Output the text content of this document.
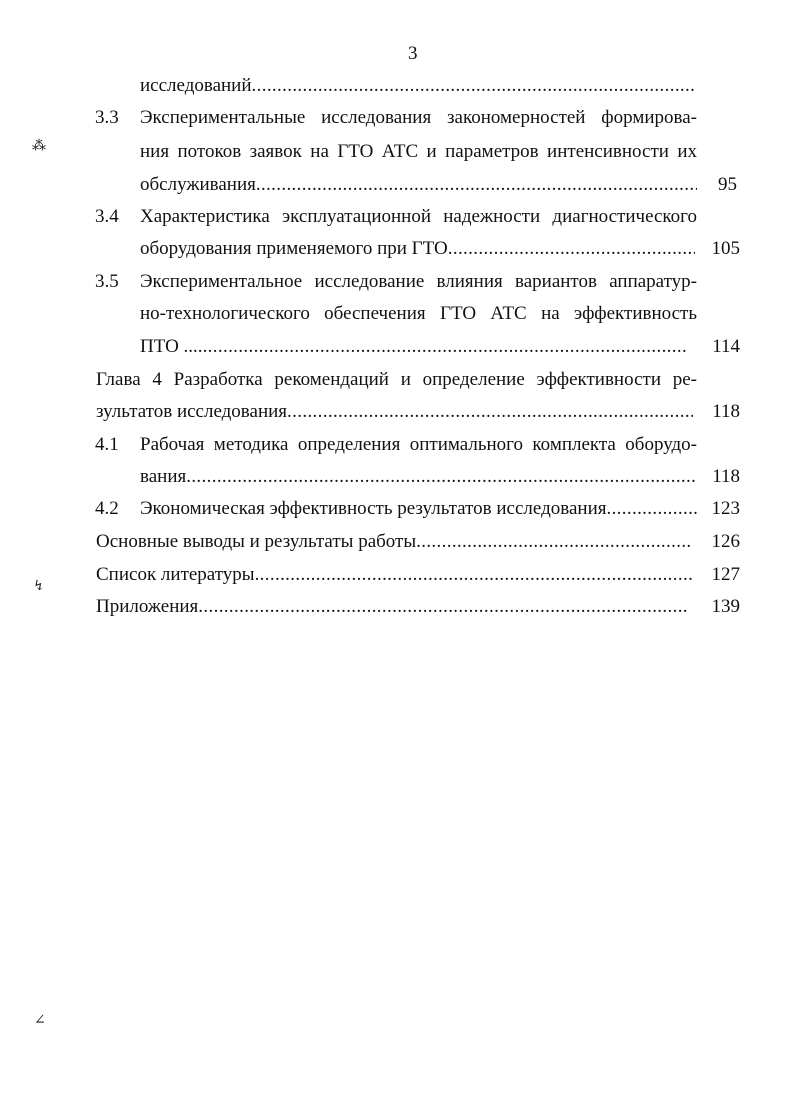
3
исследований
. . .
3.3 Экспериментальные исследования закономерностей формирова-
ния потоков заявок на ГТО АТС и параметров интенсивности их
обслуживания . . .	95
3.4 Характеристика эксплуатационной надежности диагностического
оборудования применяемого при ГТО . . .	105
3.5 Экспериментальное исследование влияния вариантов аппаратур-
но-технологического обеспечения ГТО АТС на эффективность
ПТО .... . . .	114
Глава 4 Разработка рекомендаций и определение эффективности ре-
зультатов исследования . . .	118
4.1 Рабочая методика определения оптимального комплекта оборудо-
вания . . .	118
4.2 Экономическая эффективность результатов исследования . . .	123
Основные выводы и результаты работы . . .	126
Список литературы . . .	127
Приложения . . .	139
⁂
↯
∠
